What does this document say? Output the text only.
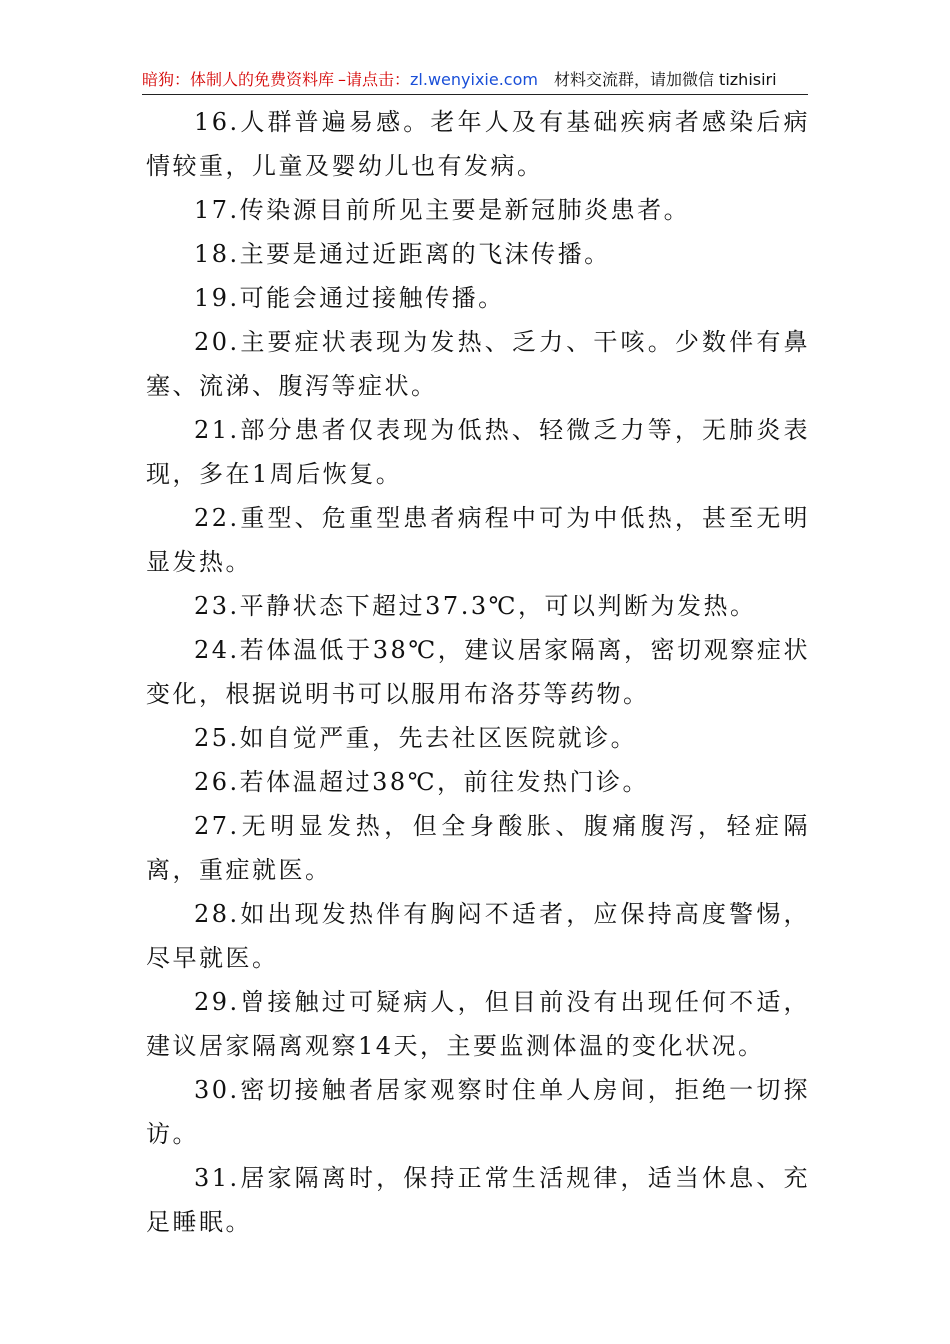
暗狗：体制人的免费资料库 –请点击：zl.wenyixie.com 材料交流群，请加微信 tizhisiri

16.人群普遍易感。老年人及有基础疾病者感染后病情较重，儿童及婴幼儿也有发病。

17.传染源目前所见主要是新冠肺炎患者。

18.主要是通过近距离的飞沫传播。

19.可能会通过接触传播。

20.主要症状表现为发热、乏力、干咳。少数伴有鼻塞、流涕、腹泻等症状。

21.部分患者仅表现为低热、轻微乏力等，无肺炎表现，多在1周后恢复。

22.重型、危重型患者病程中可为中低热，甚至无明显发热。

23.平静状态下超过37.3℃，可以判断为发热。

24.若体温低于38℃，建议居家隔离，密切观察症状变化，根据说明书可以服用布洛芬等药物。

25.如自觉严重，先去社区医院就诊。

26.若体温超过38℃，前往发热门诊。

27.无明显发热，但全身酸胀、腹痛腹泻，轻症隔离，重症就医。

28.如出现发热伴有胸闷不适者，应保持高度警惕，尽早就医。

29.曾接触过可疑病人，但目前没有出现任何不适，建议居家隔离观察14天，主要监测体温的变化状况。

30.密切接触者居家观察时住单人房间，拒绝一切探访。

31.居家隔离时，保持正常生活规律，适当休息、充足睡眠。
